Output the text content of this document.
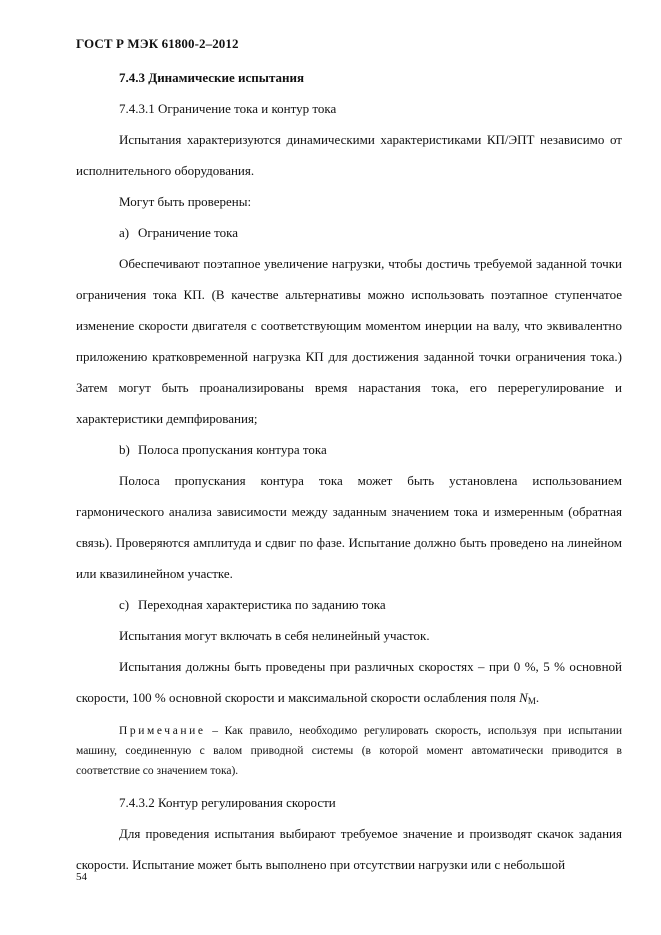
ГОСТ Р МЭК 61800-2–2012

7.4.3 Динамические испытания

7.4.3.1 Ограничение тока и контур тока

Испытания характеризуются динамическими характеристиками КП/ЭПТ независимо от исполнительного оборудования.

Могут быть проверены:

a) Ограничение тока

Обеспечивают поэтапное увеличение нагрузки, чтобы достичь требуемой заданной точки ограничения тока КП. (В качестве альтернативы можно использовать поэтапное ступенчатое изменение скорости двигателя с соответствующим моментом инерции на валу, что эквивалентно приложению кратковременной нагрузка КП для достижения заданной точки ограничения тока.) Затем могут быть проанализированы время нарастания тока, его перерегулирование и характеристики демпфирования;

b) Полоса пропускания контура тока

Полоса пропускания контура тока может быть установлена использованием гармонического анализа зависимости между заданным значением тока и измеренным (обратная связь). Проверяются амплитуда и сдвиг по фазе. Испытание должно быть проведено на линейном или квазилинейном участке.

c) Переходная характеристика по заданию тока

Испытания могут включать в себя нелинейный участок.

Испытания должны быть проведены при различных скоростях – при 0 %, 5 % основной скорости, 100 % основной скорости и максимальной скорости ослабления поля $N_M$.

Примечание – Как правило, необходимо регулировать скорость, используя при испытании машину, соединенную с валом приводной системы (в которой момент автоматически приводится в соответствие со значением тока).

7.4.3.2 Контур регулирования скорости

Для проведения испытания выбирают требуемое значение и производят скачок задания скорости. Испытание может быть выполнено при отсутствии нагрузки или с небольшой

54
